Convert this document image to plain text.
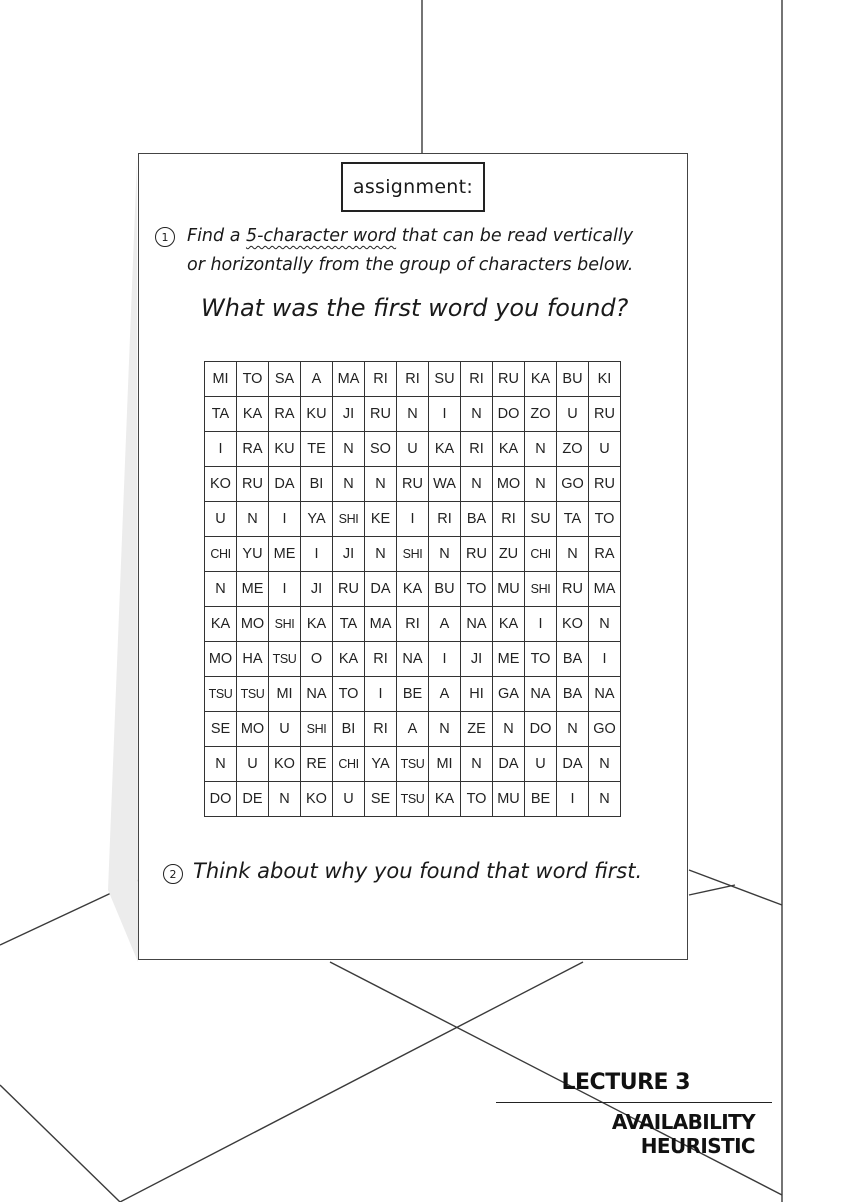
assignment:
1	Find a 5-character word that can be read vertically
or horizontally from the group of characters below.
What was the first word you found?
MI	TO	SA	A	MA	RI	RI	SU	RI	RU	KA	BU	KI
TA	KA	RA	KU	JI	RU	N	I	N	DO	ZO	U	RU
I	RA	KU	TE	N	SO	U	KA	RI	KA	N	ZO	U
KO	RU	DA	BI	N	N	RU	WA	N	MO	N	GO	RU
U	N	I	YA	SHI	KE	I	RI	BA	RI	SU	TA	TO
CHI	YU	ME	I	JI	N	SHI	N	RU	ZU	CHI	N	RA
N	ME	I	JI	RU	DA	KA	BU	TO	MU	SHI	RU	MA
KA	MO	SHI	KA	TA	MA	RI	A	NA	KA	I	KO	N
MO	HA	TSU	O	KA	RI	NA	I	JI	ME	TO	BA	I
TSU	TSU	MI	NA	TO	I	BE	A	HI	GA	NA	BA	NA
SE	MO	U	SHI	BI	RI	A	N	ZE	N	DO	N	GO
N	U	KO	RE	CHI	YA	TSU	MI	N	DA	U	DA	N
DO	DE	N	KO	U	SE	TSU	KA	TO	MU	BE	I	N
2 Think about why you found that word first.
LECTURE 3
AVAILABILITY HEURISTIC
